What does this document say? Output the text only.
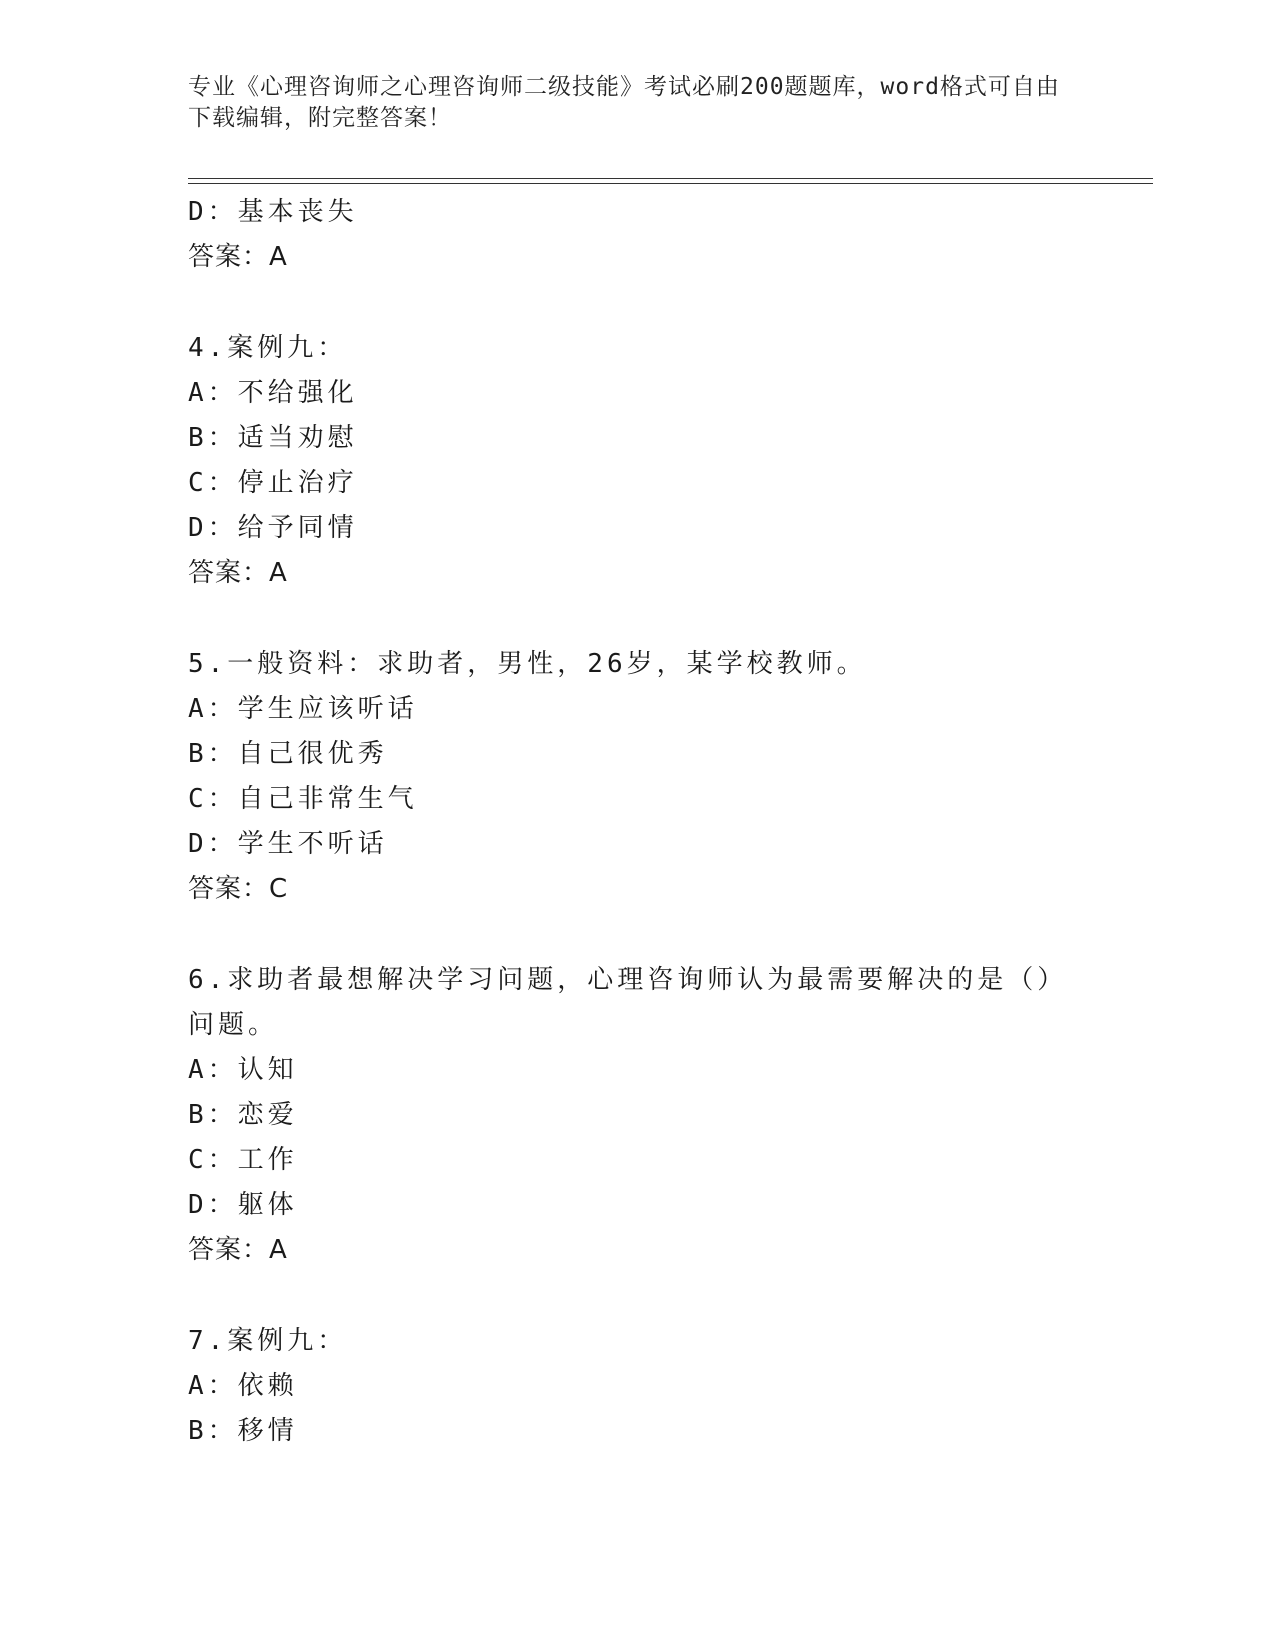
专业《心理咨询师之心理咨询师二级技能》考试必刷200题题库，word格式可自由下载编辑，附完整答案！
D：基本丧失
答案：A
4.案例九：
A：不给强化
B：适当劝慰
C：停止治疗
D：给予同情
答案：A
5.一般资料：求助者，男性，26岁，某学校教师。
A：学生应该听话
B：自己很优秀
C：自己非常生气
D：学生不听话
答案：C
6.求助者最想解决学习问题，心理咨询师认为最需要解决的是（）问题。
A：认知
B：恋爱
C：工作
D：躯体
答案：A
7.案例九：
A：依赖
B：移情
